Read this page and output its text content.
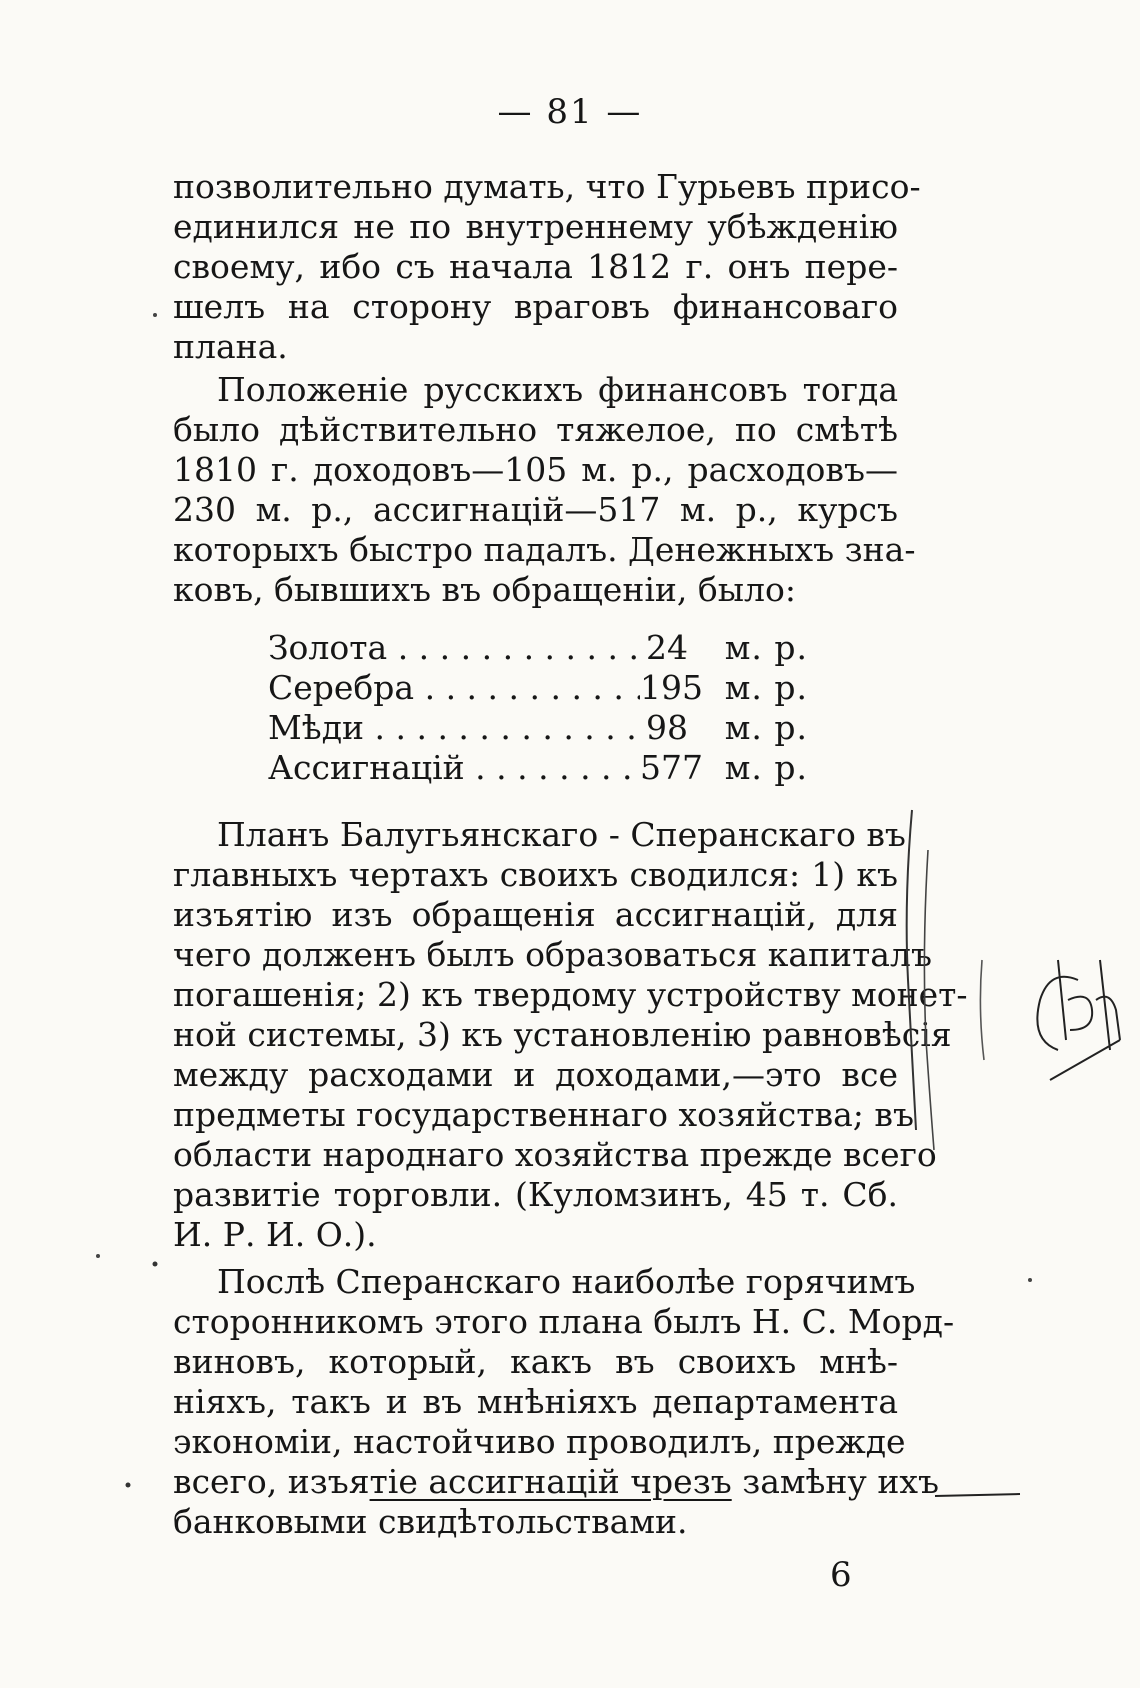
— 81 —
позволительно думать, что Гурьевъ присо-
единился не по внутреннему убѣжденію
своему, ибо съ начала 1812 г. онъ пере-
шелъ на сторону враговъ финансоваго
плана.
Положеніе русскихъ финансовъ тогда
было дѣйствительно тяжелое, по смѣтѣ
1810 г. доходовъ—105 м. р., расходовъ—
230 м. р., ассигнацій—517 м. р., курсъ
которыхъ быстро падалъ. Денежныхъ зна-
ковъ, бывшихъ въ обращеніи, было:
Золота . . .	24	м. р.
Серебра . . .	195 м. р.
Мѣди . . .	98	м. р.
Ассигнацій . . .	577 м. р.
Планъ Балугьянскаго - Сперанскаго въ
главныхъ чертахъ своихъ сводился: 1) къ
изъятію изъ обращенія ассигнацій, для
чего долженъ былъ образоваться капиталъ
погашенія; 2) къ твердому устройству монет-
ной системы, 3) къ установленію равновѣсія
между расходами и доходами,—это все
предметы государственнаго хозяйства; въ
области народнаго хозяйства прежде всего
развитіе торговли. (Куломзинъ, 45 т. Сб.
И. Р. И. О.).
Послѣ Сперанскаго наиболѣе горячимъ
сторонникомъ этого плана былъ Н. С. Морд-
виновъ, который, какъ въ своихъ мнѣ-
ніяхъ, такъ и въ мнѣніяхъ департамента
экономіи, настойчиво проводилъ, прежде
всего, изъятіе ассигнацій чрезъ замѣну ихъ
банковыми свидѣтольствами.
6
